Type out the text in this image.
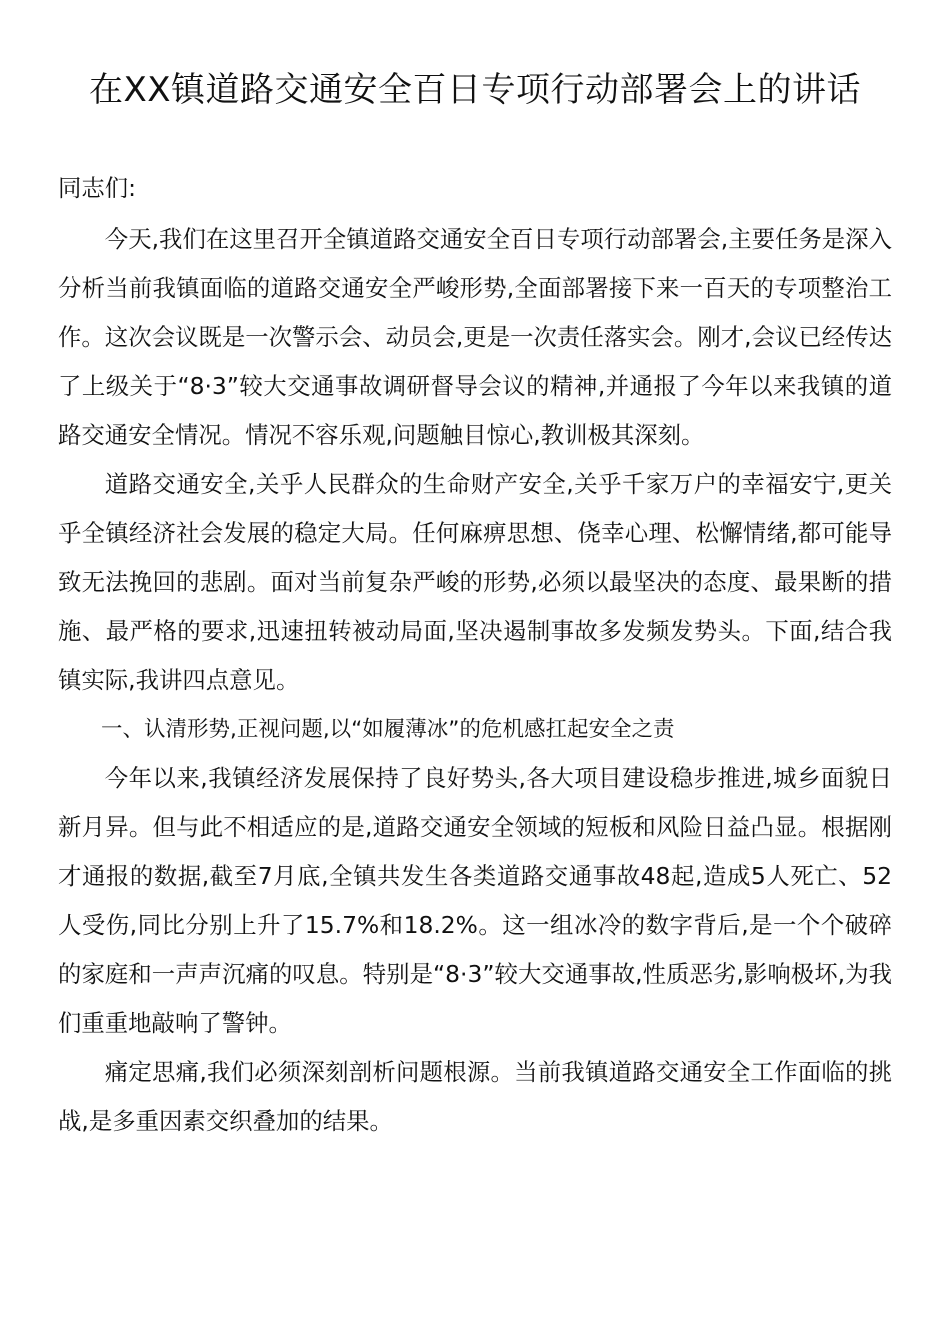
在XX镇道路交通安全百日专项行动部署会上的讲话

同志们:

今天,我们在这里召开全镇道路交通安全百日专项行动部署会,主要任务是深入分析当前我镇面临的道路交通安全严峻形势,全面部署接下来一百天的专项整治工作。这次会议既是一次警示会、动员会,更是一次责任落实会。刚才,会议已经传达了上级关于“8·3”较大交通事故调研督导会议的精神,并通报了今年以来我镇的道路交通安全情况。情况不容乐观,问题触目惊心,教训极其深刻。

道路交通安全,关乎人民群众的生命财产安全,关乎千家万户的幸福安宁,更关乎全镇经济社会发展的稳定大局。任何麻痹思想、侥幸心理、松懈情绪,都可能导致无法挽回的悲剧。面对当前复杂严峻的形势,必须以最坚决的态度、最果断的措施、最严格的要求,迅速扭转被动局面,坚决遏制事故多发频发势头。下面,结合我镇实际,我讲四点意见。

一、认清形势,正视问题,以“如履薄冰”的危机感扛起安全之责

今年以来,我镇经济发展保持了良好势头,各大项目建设稳步推进,城乡面貌日新月异。但与此不相适应的是,道路交通安全领域的短板和风险日益凸显。根据刚才通报的数据,截至7月底,全镇共发生各类道路交通事故48起,造成5人死亡、52人受伤,同比分别上升了15.7%和18.2%。这一组冰冷的数字背后,是一个个破碎的家庭和一声声沉痛的叹息。特别是“8·3”较大交通事故,性质恶劣,影响极坏,为我们重重地敲响了警钟。

痛定思痛,我们必须深刻剖析问题根源。当前我镇道路交通安全工作面临的挑战,是多重因素交织叠加的结果。
